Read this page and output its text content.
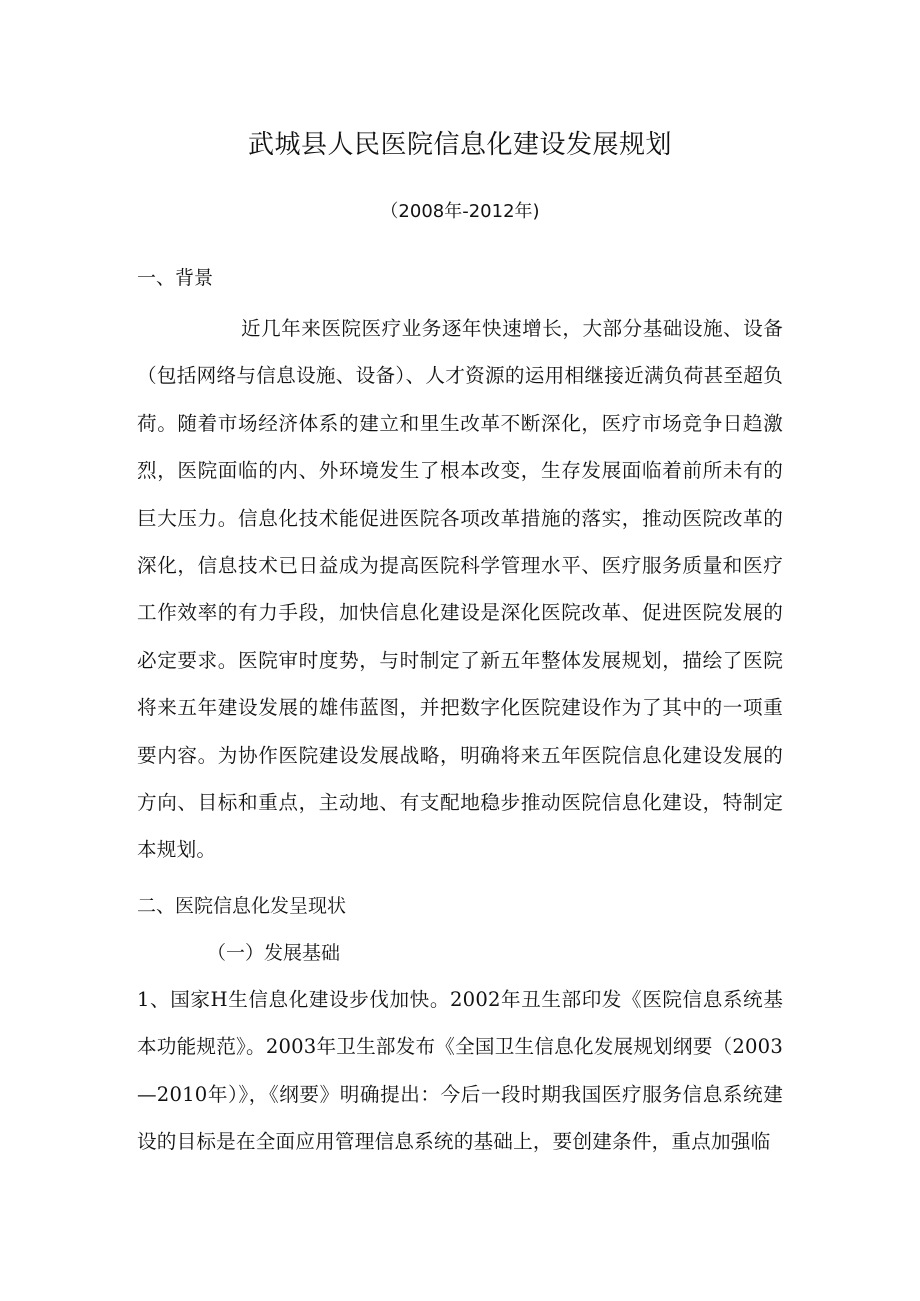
武城县人民医院信息化建设发展规划
（2008年-2012年)
一、背景
近几年来医院医疗业务逐年快速增长，大部分基础设施、设备（包括网络与信息设施、设备）、人才资源的运用相继接近满负荷甚至超负荷。随着市场经济体系的建立和里生改革不断深化，医疗市场竞争日趋激烈，医院面临的内、外环境发生了根本改变，生存发展面临着前所未有的巨大压力。信息化技术能促进医院各项改革措施的落实，推动医院改革的深化，信息技术已日益成为提高医院科学管理水平、医疗服务质量和医疗工作效率的有力手段，加快信息化建设是深化医院改革、促进医院发展的必定要求。医院审时度势，与时制定了新五年整体发展规划，描绘了医院将来五年建设发展的雄伟蓝图，并把数字化医院建设作为了其中的一项重要内容。为协作医院建设发展战略，明确将来五年医院信息化建设发展的方向、目标和重点，主动地、有支配地稳步推动医院信息化建设，特制定本规划。
二、医院信息化发呈现状
（一）发展基础
1、国家H生信息化建设步伐加快。2002年丑生部印发《医院信息系统基本功能规范》。2003年卫生部发布《全国卫生信息化发展规划纲要（2003—2010年）》，《纲要》明确提出：今后一段时期我国医疗服务信息系统建设的目标是在全面应用管理信息系统的基础上，要创建条件，重点加强临
